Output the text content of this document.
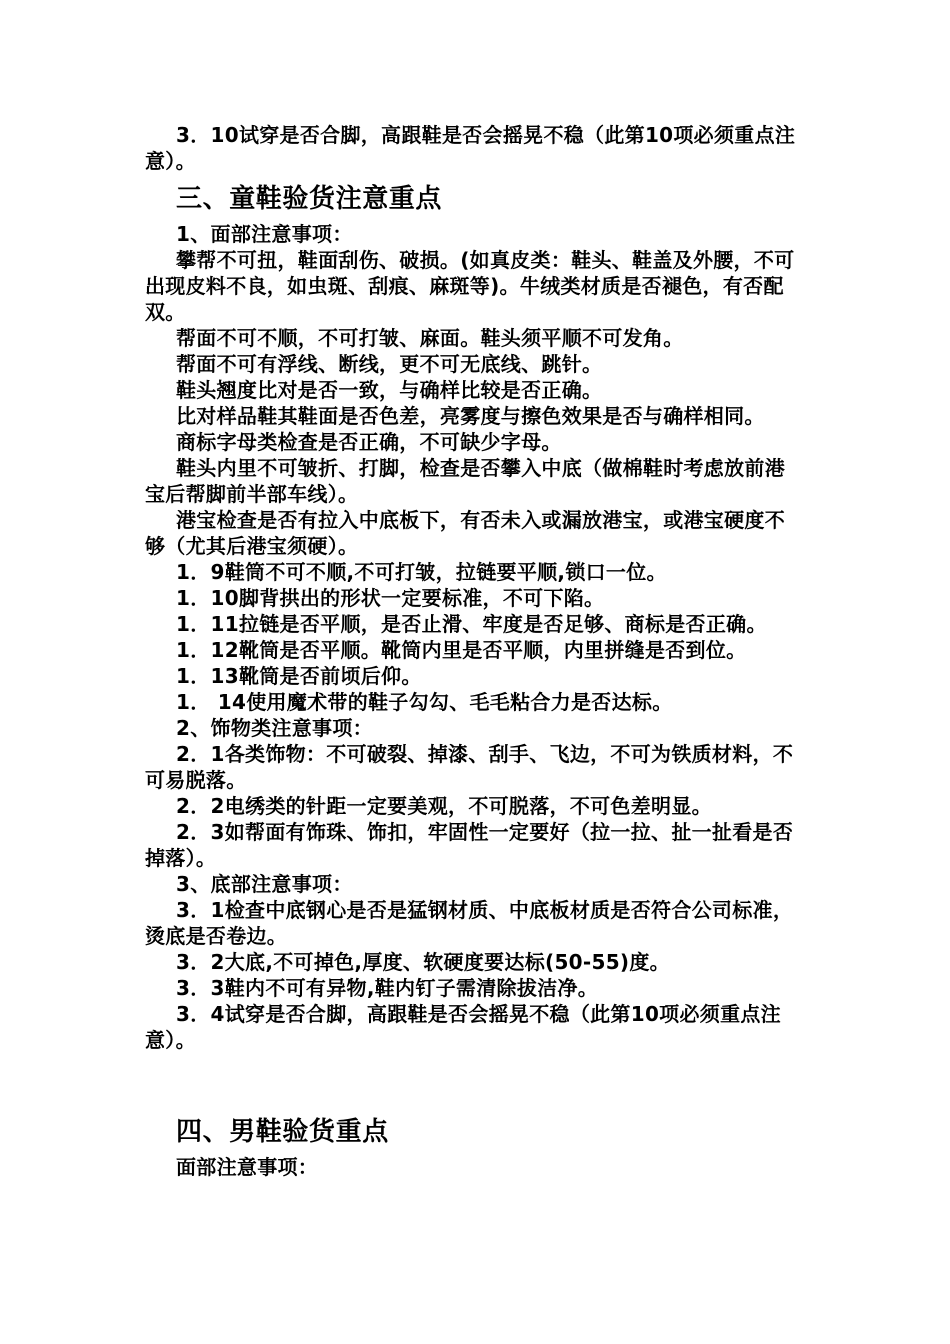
3．10试穿是否合脚，高跟鞋是否会摇晃不稳（此第10项必须重点注意）。

三、童鞋验货注意重点

1、面部注意事项：

攀帮不可扭，鞋面刮伤、破损。(如真皮类：鞋头、鞋盖及外腰，不可出现皮料不良，如虫斑、刮痕、麻斑等)。牛绒类材质是否褪色，有否配双。

帮面不可不顺，不可打皱、麻面。鞋头须平顺不可发角。

帮面不可有浮线、断线，更不可无底线、跳针。

鞋头翘度比对是否一致，与确样比较是否正确。

比对样品鞋其鞋面是否色差，亮雾度与擦色效果是否与确样相同。

商标字母类检查是否正确，不可缺少字母。

鞋头内里不可皱折、打脚，检查是否攀入中底（做棉鞋时考虑放前港宝后帮脚前半部车线）。

港宝检查是否有拉入中底板下，有否未入或漏放港宝，或港宝硬度不够（尤其后港宝须硬）。

1．9鞋筒不可不顺,不可打皱，拉链要平顺,锁口一位。

1．10脚背拱出的形状一定要标准，不可下陷。

1．11拉链是否平顺，是否止滑、牢度是否足够、商标是否正确。

1．12靴筒是否平顺。靴筒内里是否平顺，内里拼缝是否到位。

1．13靴筒是否前顷后仰。

1． 14使用魔术带的鞋子勾勾、毛毛粘合力是否达标。

2、饰物类注意事项：

2．1各类饰物：不可破裂、掉漆、刮手、飞边，不可为铁质材料，不可易脱落。

2．2电绣类的针距一定要美观，不可脱落，不可色差明显。

2．3如帮面有饰珠、饰扣，牢固性一定要好（拉一拉、扯一扯看是否掉落）。

3、底部注意事项：

3．1检查中底钢心是否是猛钢材质、中底板材质是否符合公司标准，烫底是否卷边。

3．2大底,不可掉色,厚度、软硬度要达标(50-55)度。

3．3鞋内不可有异物,鞋内钉子需清除拔洁净。

3．4试穿是否合脚，高跟鞋是否会摇晃不稳（此第10项必须重点注意）。

四、男鞋验货重点

面部注意事项：
